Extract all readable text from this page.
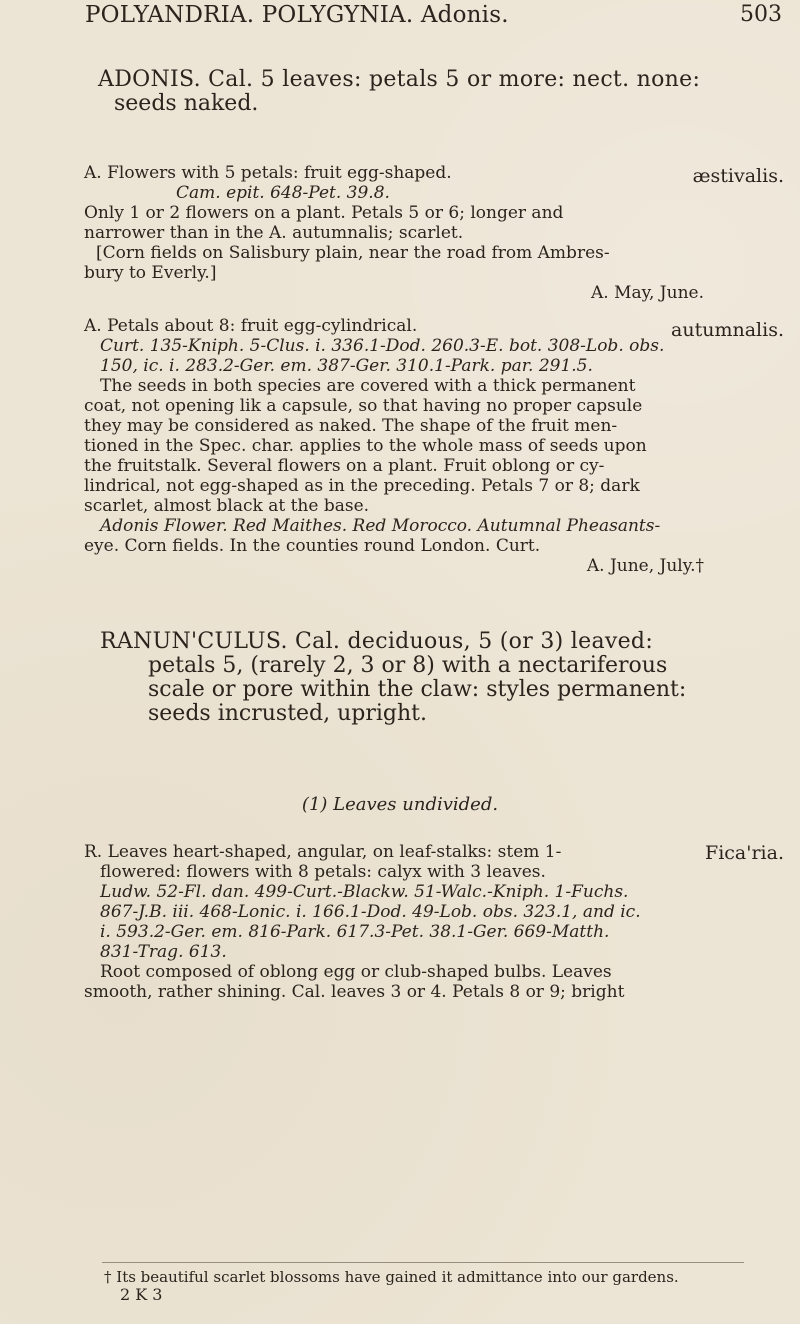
POLYANDRIA. POLYGYNIA. Adonis.	503
ADONIS. Cal. 5 leaves: petals 5 or more: nect. none:
seeds naked.
æstivalis.
A. Flowers with 5 petals: fruit egg-shaped.
Cam. epit. 648-Pet. 39.8.
Only 1 or 2 flowers on a plant. Petals 5 or 6; longer and
narrower than in the A. autumnalis; scarlet.
[Corn fields on Salisbury plain, near the road from Ambres-
bury to Everly.]
A. May, June.
autumnalis.
A. Petals about 8: fruit egg-cylindrical.
Curt. 135-Kniph. 5-Clus. i. 336.1-Dod. 260.3-E. bot. 308-Lob. obs.
150, ic. i. 283.2-Ger. em. 387-Ger. 310.1-Park. par. 291.5.
The seeds in both species are covered with a thick permanent
coat, not opening lik a capsule, so that having no proper capsule
they may be considered as naked. The shape of the fruit men-
tioned in the Spec. char. applies to the whole mass of seeds upon
the fruitstalk. Several flowers on a plant. Fruit oblong or cy-
lindrical, not egg-shaped as in the preceding. Petals 7 or 8; dark
scarlet, almost black at the base.
Adonis Flower. Red Maithes. Red Morocco. Autumnal Pheasants-
eye. Corn fields. In the counties round London. Curt.
A. June, July.†
RANUN'CULUS. Cal. deciduous, 5 (or 3) leaved:
petals 5, (rarely 2, 3 or 8) with a nectariferous
scale or pore within the claw: styles permanent:
seeds incrusted, upright.
(1) Leaves undivided.
Fica'ria.
R. Leaves heart-shaped, angular, on leaf-stalks: stem 1-
flowered: flowers with 8 petals: calyx with 3 leaves.
Ludw. 52-Fl. dan. 499-Curt.-Blackw. 51-Walc.-Kniph. 1-Fuchs.
867-J.B. iii. 468-Lonic. i. 166.1-Dod. 49-Lob. obs. 323.1, and ic.
i. 593.2-Ger. em. 816-Park. 617.3-Pet. 38.1-Ger. 669-Matth.
831-Trag. 613.
Root composed of oblong egg or club-shaped bulbs. Leaves
smooth, rather shining. Cal. leaves 3 or 4. Petals 8 or 9; bright
† Its beautiful scarlet blossoms have gained it admittance into our gardens.
2 K 3
